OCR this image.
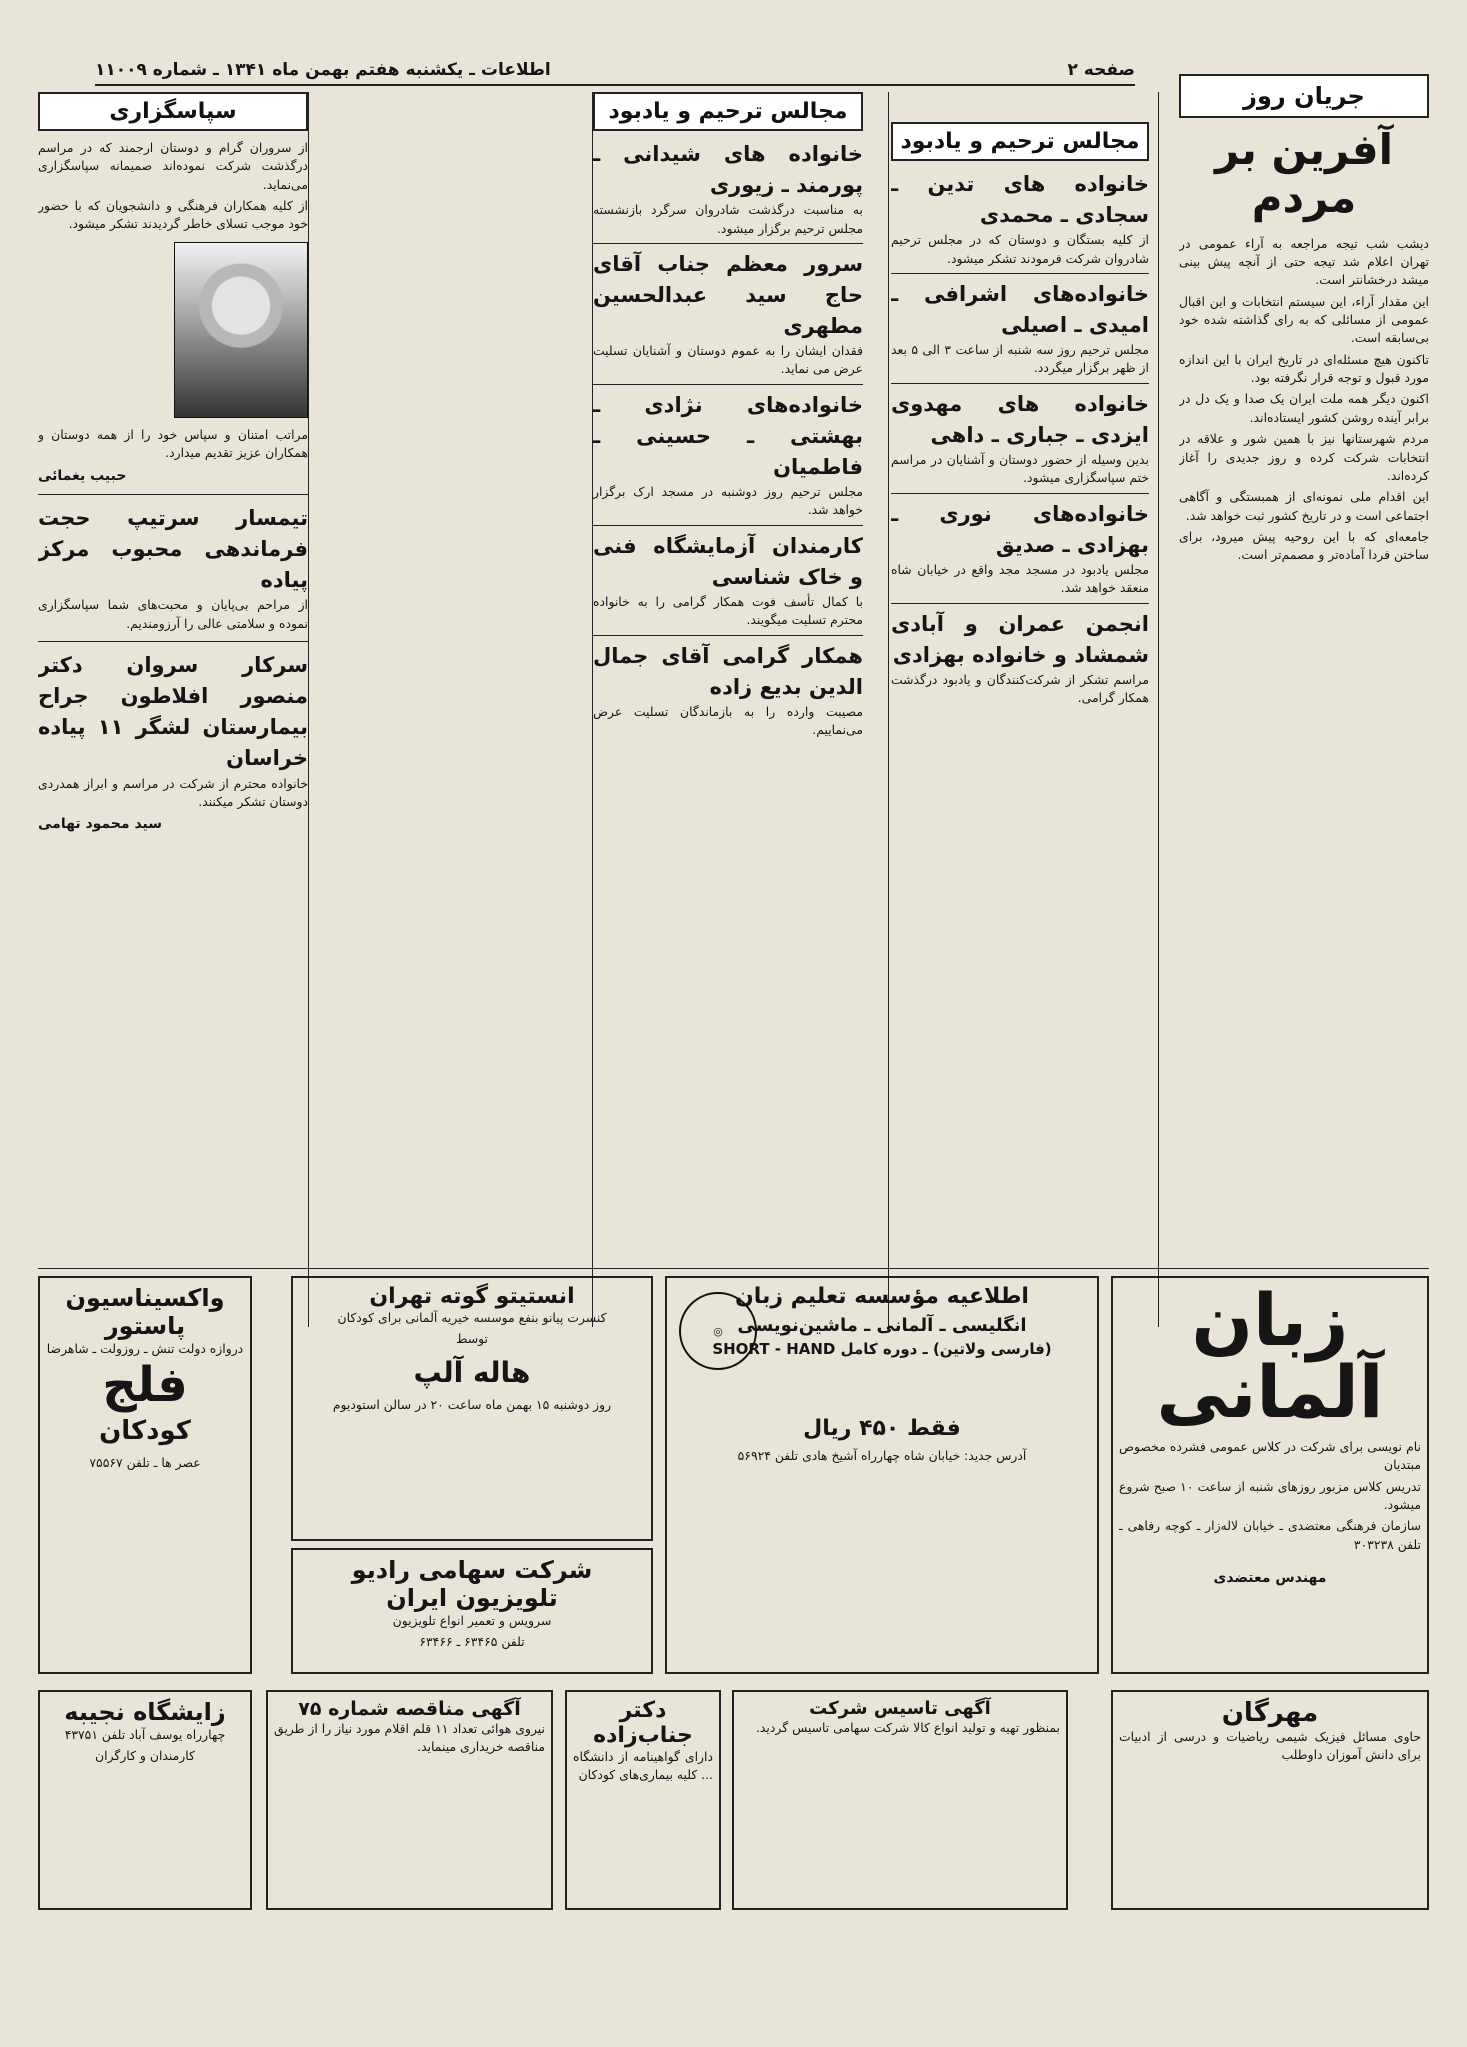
صفحه ۲
اطلاعات ـ یکشنبه هفتم بهمن ماه ۱۳۴۱ ـ شماره ۱۱۰۰۹
جریان روز
آفرین بر مردم

دیشب شب تیجه مراجعه به آراء عمومی در تهران اعلام شد تیجه حتی از آنچه پیش بینی میشد درخشانتر است.

این مقدار آراء، این سیستم انتخابات و این اقبال عمومی از مسائلی که به رای گذاشته شده خود بی‌سابقه است.

تاکنون هیچ مسئله‌ای در تاریخ ایران با این اندازه مورد قبول و توجه قرار نگرفته بود.

اکنون دیگر همه ملت ایران یک صدا و یک دل در برابر آینده روشن کشور ایستاده‌اند.

مردم شهرستانها نیز با همین شور و علاقه در انتخابات شرکت کرده و روز جدیدی را آغاز کرده‌اند.

این اقدام ملی نمونه‌ای از همبستگی و آگاهی اجتماعی است و در تاریخ کشور ثبت خواهد شد.

جامعه‌ای که با این روحیه پیش میرود، برای ساختن فردا آماده‌تر و مصمم‌تر است.

مجالس ترحیم و یادبود
خانواده های تدین ـ سجادی ـ محمدی

از کلیه بستگان و دوستان که در مجلس ترحیم شادروان شرکت فرمودند تشکر میشود.

خانواده‌های اشرافی ـ امیدی ـ اصیلی

مجلس ترحیم روز سه شنبه از ساعت ۳ الی ۵ بعد از ظهر برگزار میگردد.

خانواده های مهدوی ایزدی ـ جباری ـ داهی

بدین وسیله از حضور دوستان و آشنایان در مراسم ختم سپاسگزاری میشود.

خانواده‌های نوری ـ بهزادی ـ صدیق

مجلس یادبود در مسجد مجد واقع در خیابان شاه منعقد خواهد شد.

انجمن عمران و آبادی شمشاد و خانواده بهزادی

مراسم تشکر از شرکت‌کنندگان و یادبود درگذشت همکار گرامی.

مجالس ترحیم و یادبود
خانواده های شیدانی ـ پورمند ـ زیوری

به مناسبت درگذشت شادروان سرگرد بازنشسته مجلس ترحیم برگزار میشود.

سرور معظم جناب آقای حاج سید عبدالحسین مطهری

فقدان ایشان را به عموم دوستان و آشنایان تسلیت عرض می نماید.

خانواده‌های نژادی ـ بهشتی ـ حسینی ـ فاطمیان

مجلس ترحیم روز دوشنبه در مسجد ارک برگزار خواهد شد.

کارمندان آزمایشگاه فنی و خاک شناسی

با کمال تأسف فوت همکار گرامی را به خانواده محترم تسلیت میگویند.

همکار گرامی آقای جمال الدین بدیع زاده

مصیبت وارده را به بازماندگان تسلیت عرض می‌نماییم.

سپاسگزاری

از سروران گرام و دوستان ارجمند که در مراسم درگذشت شرکت نموده‌اند صمیمانه سپاسگزاری می‌نماید.

از کلیه همکاران فرهنگی و دانشجویان که با حضور خود موجب تسلای خاطر گردیدند تشکر میشود.

مراتب امتنان و سپاس خود را از همه دوستان و همکاران عزیز تقدیم میدارد.

حبیب یغمائی
تیمسار سرتیپ حجت فرماندهی محبوب مرکز پیاده

از مراحم بی‌پایان و محبت‌های شما سپاسگزاری نموده و سلامتی عالی را آرزومندیم.

سرکار سروان دکتر منصور افلاطون جراح بیمارستان لشگر ۱۱ پیاده خراسان

خانواده محترم از شرکت در مراسم و ابراز همدردی دوستان تشکر میکنند.

سید محمود تهامی
زبان آلمانی

نام نویسی برای شرکت در کلاس عمومی فشرده مخصوص مبتدیان

تدریس کلاس مزبور روزهای شنبه از ساعت ۱۰ صبح شروع میشود.

سازمان فرهنگی معتضدی ـ خیابان لاله‌زار ـ کوچه رفاهی ـ تلفن ۳۰۳۲۳۸

مهندس معتضدی
◎
اطلاعیه مؤسسه تعلیم زبان
انگلیسی ـ آلمانی ـ ماشین‌نویسی
(فارسی ولاتین) ـ دوره کامل SHORT - HAND
فقط ۴۵۰ ریال
آدرس جدید: خیابان شاه چهارراه آشیخ هادی تلفن ۵۶۹۲۴
انستیتو گوته تهران

کنسرت پیانو بنفع موسسه خیریه آلمانی برای کودکان

توسط

هاله آلپ

روز دوشنبه ۱۵ بهمن ماه ساعت ۲۰ در سالن استودیوم

شرکت سهامی رادیو تلویزیون ایران

سرویس و تعمیر انواع تلویزیون

تلفن ۶۳۴۶۵ ـ ۶۳۴۶۶

واکسیناسیون پاستور

دروازه دولت تنش ـ روزولت ـ شاهرضا

فلج

کودکان

عصر ها ـ تلفن ۷۵۵۶۷

زایشگاه نجیبه

چهارراه یوسف آباد تلفن ۴۳۷۵۱

کارمندان و کارگران

آگهی مناقصه شماره ۷۵
نیروی هوائی تعداد ۱۱ قلم اقلام مورد نیاز را از طریق مناقصه خریداری مینماید.
دکتر جناب‌زاده
دارای گواهینامه از دانشگاه ... کلیه بیماری‌های کودکان
آگهی تاسیس شرکت
بمنظور تهیه و تولید انواع کالا شرکت سهامی تاسیس گردید.	مهرگان
حاوی مسائل فیزیک شیمی ریاضیات و درسی از ادبیات برای دانش آموزان داوطلب
